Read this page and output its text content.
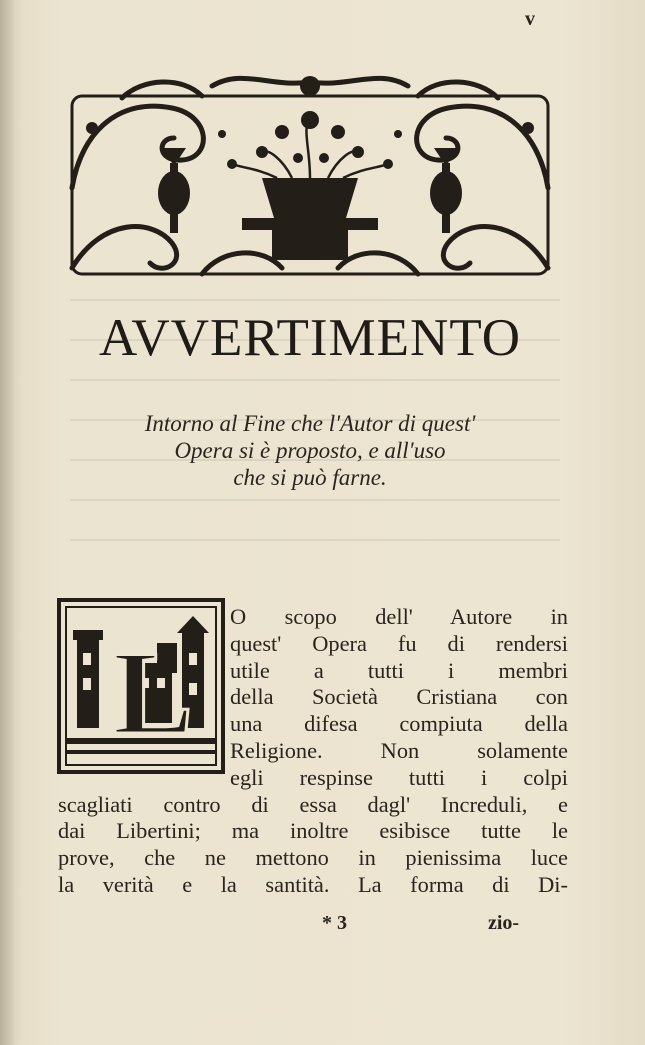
v
AVVERTIMENTO
Intorno al Fine che l'Autor di quest'
Opera si è proposto, e all'uso
che si può farne.
L
O scopo dell' Autore in
quest' Opera fu di rendersi
utile a tutti i membri
della Società Cristiana con
una difesa compiuta della
Religione. Non solamente
egli respinse tutti i colpi
scagliati contro di essa dagl' Increduli, e
dai Libertini; ma inoltre esibisce tutte le
prove, che ne mettono in pienissima luce
la verità e la santità. La forma di Di-
* 3	zio-
